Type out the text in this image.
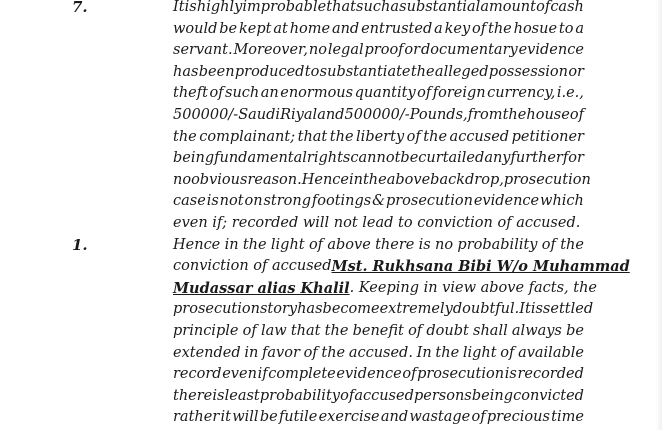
7.	It is highly improbable that such a substantial amount of cash
would be kept at home and entrusted a key of the hosue to a
servant. Moreover, no legal proof or documentary evidence
has been produced to substantiate the alleged possession or
theft of such an enormous quantity of foreign currency, i.e.,
500000/- Saudi Riyal and 500000/- Pounds, from the house of
the complainant; that the liberty of the accused petitioner
being fundamental rights cannot be curtailed any further for
no obvious reason. Hence in the above backdrop, prosecution
case is not on strong footings & prosecution evidence which
even if; recorded will not lead to conviction of accused.
1.	Hence in the light of above there is no probability of the
conviction of accused Mst. Rukhsana Bibi W/o Muhammad
Mudassar alias Khalil . Keeping in view above facts, the
prosecution story has become extremely doubtful. It is settled
principle of law that the benefit of doubt shall always be
extended in favor of the accused. In the light of available
record even if complete evidence of prosecution is recorded
there is least probability of accused persons being convicted
rather it will be futile exercise and wastage of precious time
